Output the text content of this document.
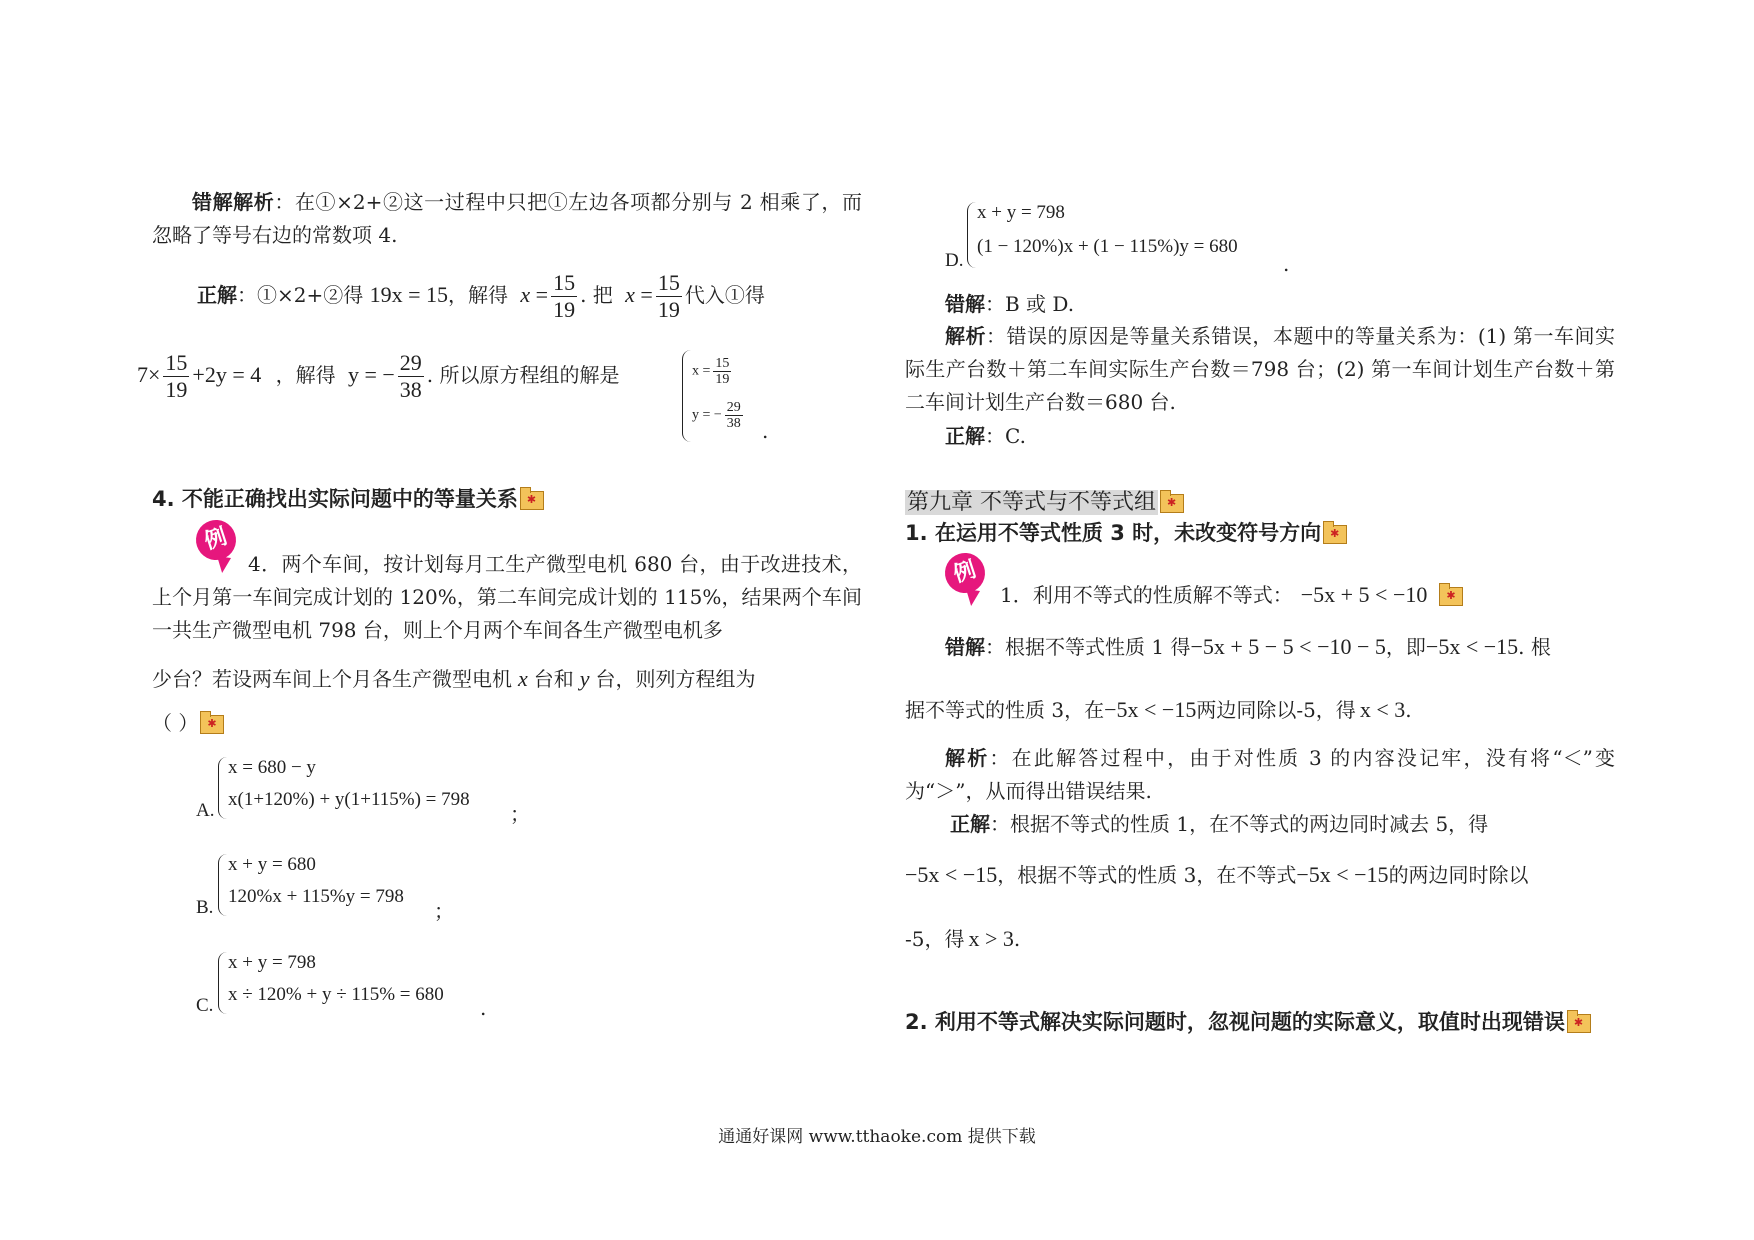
错解解析：在①×2+②这一过程中只把①左边各项都分别与 2 相乘了，而忽略了等号右边的常数项 4.
正解：①×2+②得 19x = 15，解得 $x = \frac{15}{19}$ . 把 $x = \frac{15}{19}$ 代入①得
$7\times \frac{15}{19} +2y = 4$ ，解得 y = − $\frac{29}{38}$ . 所以原方程组的解是	$x = \frac{15}{19}$
y = − $\frac{29}{38}$ .
4. 不能正确找出实际问题中的等量关系✱
例
4．两个车间，按计划每月工生产微型电机 680 台，由于改进技术，上个月第一车间完成计划的 120%，第二车间完成计划的 115%，结果两个车间一共生产微型电机 798 台，则上个月两个车间各生产微型电机多
少台？若设两车间上个月各生产微型电机 x 台和 y 台，则列方程组为
（ ）✱
A.
x = 680 − y
x(1+120%) + y(1+115%) = 798
；
B.
x + y = 680
120%x + 115%y = 798
；
C.
x + y = 798
x ÷ 120% + y ÷ 115% = 680
.
D.
x + y = 798
(1 − 120%)x + (1 − 115%)y = 680
.
错解：B 或 D.
解析：错误的原因是等量关系错误，本题中的等量关系为：(1) 第一车间实际生产台数＋第二车间实际生产台数＝798 台；(2) 第一车间计划生产台数＋第二车间计划生产台数＝680 台.
正解：C.
第九章 不等式与不等式组✱
1. 在运用不等式性质 3 时，未改变符号方向✱
例
1．利用不等式的性质解不等式： −5x + 5 < −10✱
错解：根据不等式性质 1 得−5x + 5 − 5 < −10 − 5，即−5x < −15. 根
据不等式的性质 3，在−5x < −15两边同除以-5，得 x < 3.
解析：在此解答过程中，由于对性质 3 的内容没记牢，没有将“＜”变为“＞”，从而得出错误结果.
正解：根据不等式的性质 1，在不等式的两边同时减去 5，得
−5x < −15，根据不等式的性质 3，在不等式−5x < −15的两边同时除以
-5，得 x > 3.
2. 利用不等式解决实际问题时，忽视问题的实际意义，取值时出现错误✱
通通好课网 www.tthaoke.com 提供下载
